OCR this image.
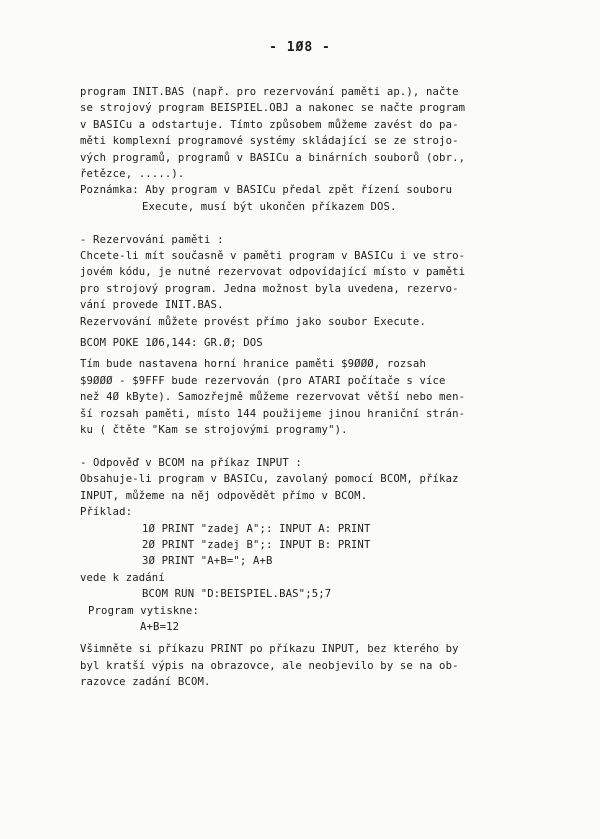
- 1Ø8 -
program INIT.BAS (např. pro rezervování paměti ap.), načte
se strojový program BEISPIEL.OBJ a nakonec se načte program
v BASICu a odstartuje. Tímto způsobem můžeme zavést do pa-
měti komplexní programové systémy skládající se ze strojo-
vých programů, programů v BASICu a binárních souborů (obr.,
řetězce, .....).
Poznámka: Aby program v BASICu předal zpět řízení souboru
Execute, musí být ukončen příkazem DOS.
- Rezervování paměti :
Chcete-li mít současně v paměti program v BASICu i ve stro-
jovém kódu, je nutné rezervovat odpovídající místo v paměti
pro strojový program. Jedna možnost byla uvedena, rezervo-
vání provede INIT.BAS.
Rezervování můžete provést přímo jako soubor Execute.
BCOM POKE 1Ø6,144: GR.Ø; DOS
Tím bude nastavena horní hranice paměti $9ØØØ, rozsah
$9ØØØ - $9FFF bude rezervován (pro ATARI počítače s více
než 4Ø kByte). Samozřejmě můžeme rezervovat větší nebo men-
ší rozsah paměti, místo 144 použijeme jinou hraniční strán-
ku ( čtěte "Kam se strojovými programy").
- Odpověď v BCOM na příkaz INPUT :
Obsahuje-li program v BASICu, zavolaný pomocí BCOM, příkaz
INPUT, můžeme na něj odpovědět přímo v BCOM.
Příklad:
1Ø PRINT "zadej A";: INPUT A: PRINT
2Ø PRINT "zadej B";: INPUT B: PRINT
3Ø PRINT "A+B="; A+B
vede k zadání
BCOM RUN "D:BEISPIEL.BAS";5;7
Program vytiskne:
A+B=12
Všimněte si příkazu PRINT po příkazu INPUT, bez kterého by
byl kratší výpis na obrazovce, ale neobjevilo by se na ob-
razovce zadání BCOM.
